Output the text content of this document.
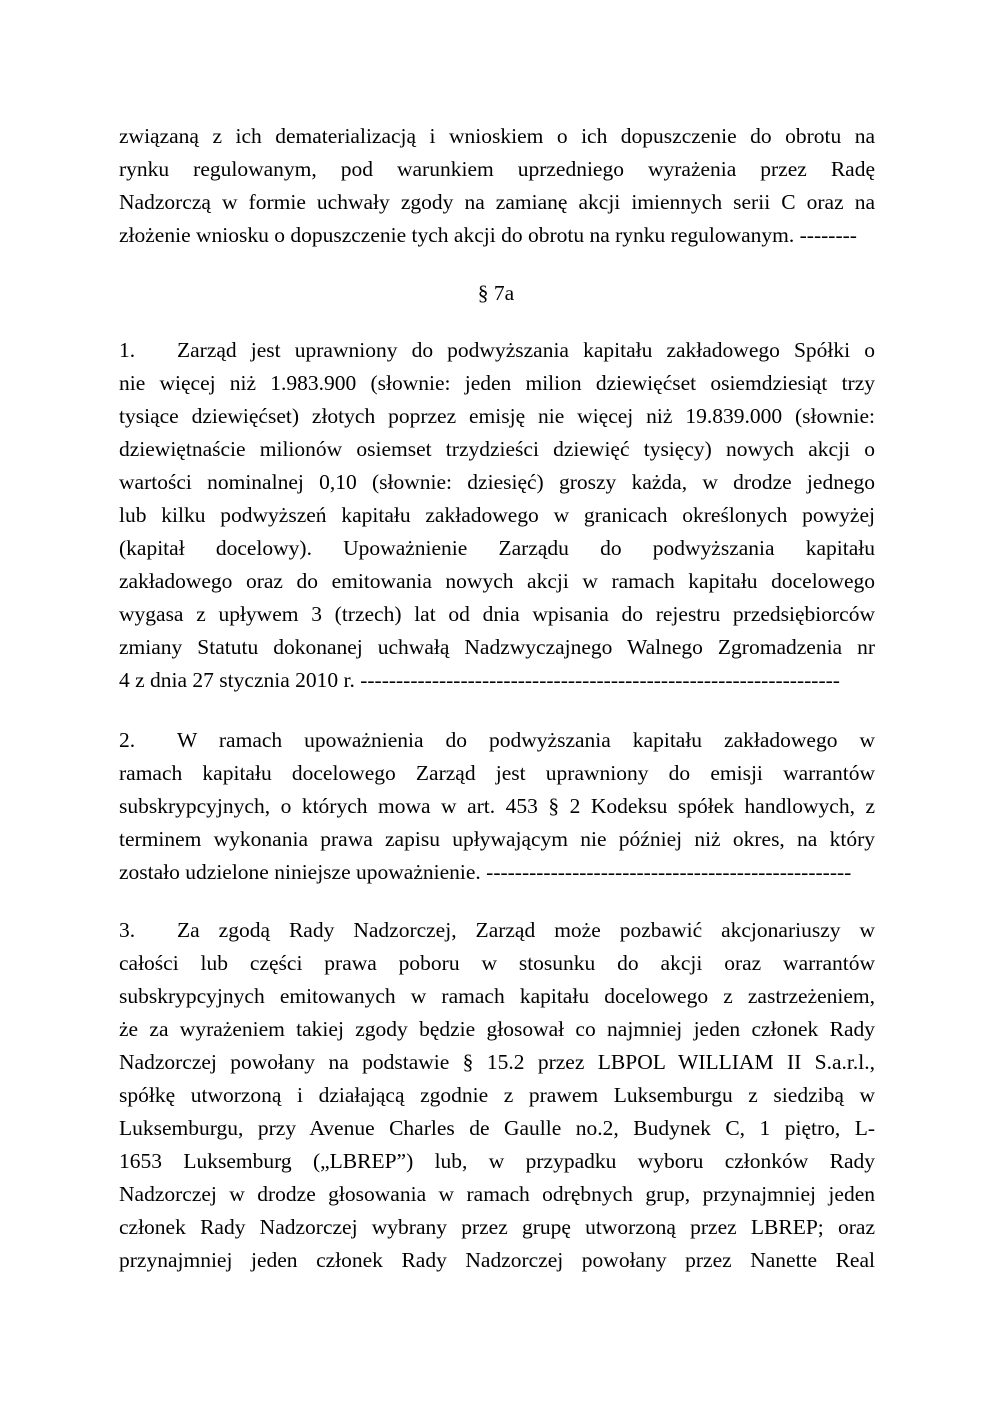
związaną z ich dematerializacją i wnioskiem o ich dopuszczenie do obrotu na
rynku regulowanym, pod warunkiem uprzedniego wyrażenia przez Radę
Nadzorczą w formie uchwały zgody na zamianę akcji imiennych serii C oraz na
złożenie wniosku o dopuszczenie tych akcji do obrotu na rynku regulowanym. --------
§ 7a
1. Zarząd jest uprawniony do podwyższania kapitału zakładowego Spółki o
nie więcej niż 1.983.900 (słownie: jeden milion dziewięćset osiemdziesiąt trzy
tysiące dziewięćset) złotych poprzez emisję nie więcej niż 19.839.000 (słownie:
dziewiętnaście milionów osiemset trzydzieści dziewięć tysięcy) nowych akcji o
wartości nominalnej 0,10 (słownie: dziesięć) groszy każda, w drodze jednego
lub kilku podwyższeń kapitału zakładowego w granicach określonych powyżej
(kapitał docelowy). Upoważnienie Zarządu do podwyższania kapitału
zakładowego oraz do emitowania nowych akcji w ramach kapitału docelowego
wygasa z upływem 3 (trzech) lat od dnia wpisania do rejestru przedsiębiorców
zmiany Statutu dokonanej uchwałą Nadzwyczajnego Walnego Zgromadzenia nr
4 z dnia 27 stycznia 2010 r. -------------------------------------------------------------------
2. W ramach upoważnienia do podwyższania kapitału zakładowego w
ramach kapitału docelowego Zarząd jest uprawniony do emisji warrantów
subskrypcyjnych, o których mowa w art. 453 § 2 Kodeksu spółek handlowych, z
terminem wykonania prawa zapisu upływającym nie później niż okres, na który
zostało udzielone niniejsze upoważnienie. ---------------------------------------------------
3. Za zgodą Rady Nadzorczej, Zarząd może pozbawić akcjonariuszy w
całości lub części prawa poboru w stosunku do akcji oraz warrantów
subskrypcyjnych emitowanych w ramach kapitału docelowego z zastrzeżeniem,
że za wyrażeniem takiej zgody będzie głosował co najmniej jeden członek Rady
Nadzorczej powołany na podstawie § 15.2 przez LBPOL WILLIAM II S.a.r.l.,
spółkę utworzoną i działającą zgodnie z prawem Luksemburgu z siedzibą w
Luksemburgu, przy Avenue Charles de Gaulle no.2, Budynek C, 1 piętro, L-
1653 Luksemburg („LBREP”) lub, w przypadku wyboru członków Rady
Nadzorczej w drodze głosowania w ramach odrębnych grup, przynajmniej jeden
członek Rady Nadzorczej wybrany przez grupę utworzoną przez LBREP; oraz
przynajmniej jeden członek Rady Nadzorczej powołany przez Nanette Real
